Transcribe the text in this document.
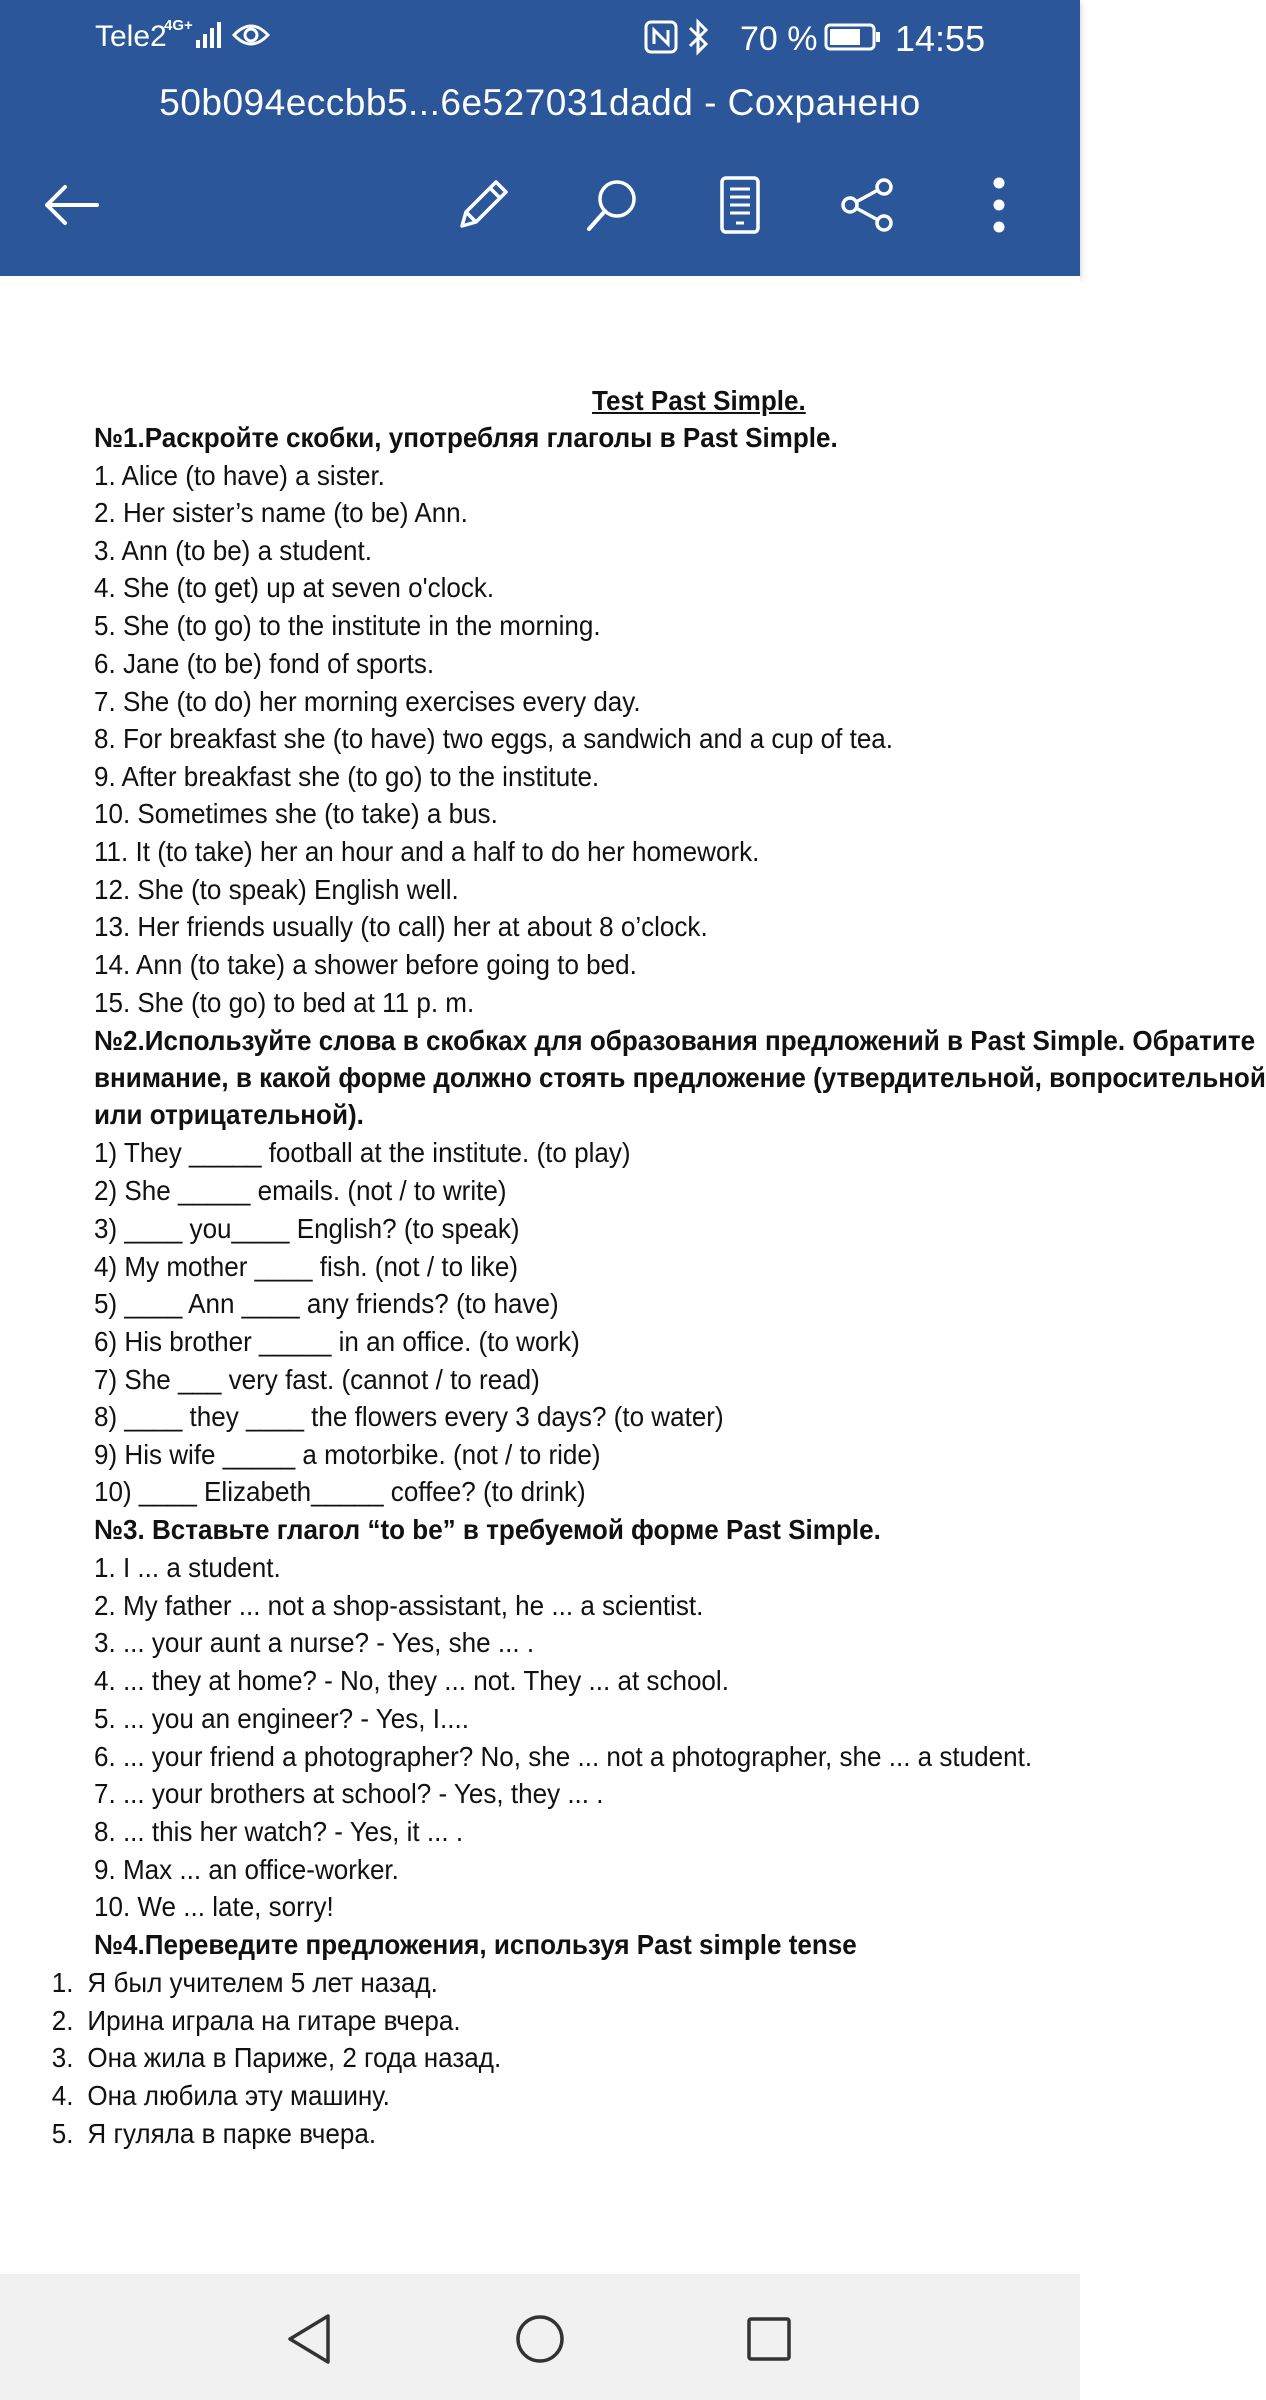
Tele2
4G+	70 % 14:55
50b094eccbb5...6e527031dadd - Сохранено
Test Past Simple.
№1.Раскройте скобки, употребляя глаголы в Past Simple.
1. Alice (to have) a sister.
2. Her sister’s name (to be) Ann.
3. Ann (to be) a student.
4. She (to get) up at seven o'clock.
5. She (to go) to the institute in the morning.
6. Jane (to be) fond of sports.
7. She (to do) her morning exercises every day.
8. For breakfast she (to have) two eggs, a sandwich and a cup of tea.
9. After breakfast she (to go) to the institute.
10. Sometimes she (to take) a bus.
11. It (to take) her an hour and a half to do her homework.
12. She (to speak) English well.
13. Her friends usually (to call) her at about 8 o’clock.
14. Ann (to take) a shower before going to bed.
15. She (to go) to bed at 11 p. m.
№2.Используйте слова в скобках для образования предложений в Past Simple. Обратите
внимание, в какой форме должно стоять предложение (утвердительной, вопросительной
или отрицательной).
1) They _____ football at the institute. (to play)
2) She _____ emails. (not / to write)
3) ____ you____ English? (to speak)
4) My mother ____ fish. (not / to like)
5) ____ Ann ____ any friends? (to have)
6) His brother _____ in an office. (to work)
7) She ___ very fast. (cannot / to read)
8) ____ they ____ the flowers every 3 days? (to water)
9) His wife _____ a motorbike. (not / to ride)
10) ____ Elizabeth_____ coffee? (to drink)
№3. Вставьте глагол “to be” в требуемой форме Past Simple.
1. I ... a student.
2. My father ... not a shop-assistant, he ... a scientist.
3. ... your aunt a nurse? - Yes, she ... .
4. ... they at home? - No, they ... not. They ... at school.
5. ... you an engineer? - Yes, I....
6. ... your friend a photographer? No, she ... not a photographer, she ... a student.
7. ... your brothers at school? - Yes, they ... .
8. ... this her watch? - Yes, it ... .
9. Max ... an office-worker.
10. We ... late, sorry!
№4.Переведите предложения, используя Past simple tense
1. Я был учителем 5 лет назад.
2. Ирина играла на гитаре вчера.
3. Она жила в Париже, 2 года назад.
4. Она любила эту машину.
5. Я гуляла в парке вчера.
